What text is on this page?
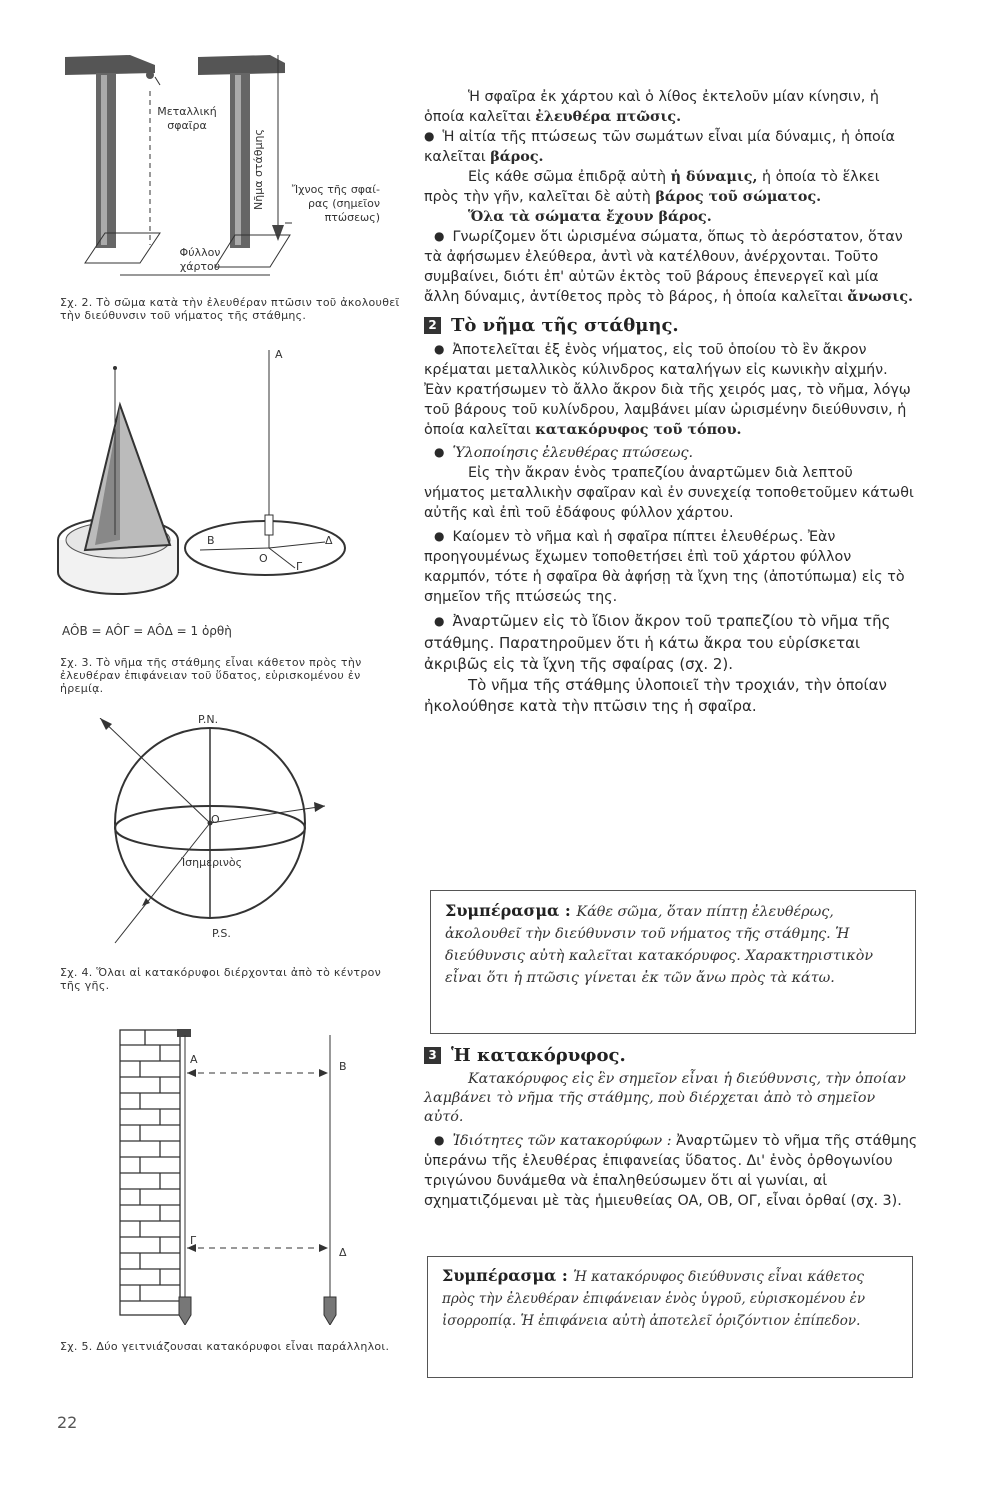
Μεταλλική σφαῖρα
Νῆμα στάθμης	Ἴχνος τῆς σφαί- ρας (σημεῖον πτώσεως)
Φύλλον χάρτου
Σχ. 2. Τὸ σῶμα κατὰ τὴν ἐλευθέραν πτῶσιν τοῦ ἀκολουθεῖ τὴν διεύθυνσιν τοῦ νήματος τῆς στάθμης.
A
B
O
Γ
Δ
AÔB = AÔΓ = AÔΔ = 1 ὀρθὴ
Σχ. 3. Τὸ νῆμα τῆς στάθμης εἶναι κάθετον πρὸς τὴν ἐλευθέραν ἐπιφάνειαν τοῦ ὕδατος, εὑρισκομένου ἐν ἠρεμίᾳ.
P.N.
O
Ἰσημερινὸς
P.S.
Σχ. 4. Ὅλαι αἱ κατακόρυφοι διέρχονται ἀπὸ τὸ κέντρον τῆς γῆς.
A
B
Γ
Δ
Σχ. 5. Δύο γειτνιάζουσαι κατακόρυφοι εἶναι παράλληλοι.
22

Ἡ σφαῖρα ἐκ χάρτου καὶ ὁ λίθος ἐκτελοῦν μίαν κίνησιν, ἡ ὁποία καλεῖται ἐλευθέρα πτῶσις.

● Ἡ αἰτία τῆς πτώσεως τῶν σωμάτων εἶναι μία δύναμις, ἡ ὁποία καλεῖται βάρος.

Εἰς κάθε σῶμα ἐπιδρᾷ αὐτὴ ἡ δύναμις, ἡ ὁποία τὸ ἕλκει πρὸς τὴν γῆν, καλεῖται δὲ αὐτὴ βάρος τοῦ σώματος.

Ὅλα τὰ σώματα ἔχουν βάρος.

● Γνωρίζομεν ὅτι ὡρισμένα σώματα, ὅπως τὸ ἀερόστατον, ὅταν τὰ ἀφήσωμεν ἐλεύθερα, ἀντὶ νὰ κατέλθουν, ἀνέρχονται. Τοῦτο συμβαίνει, διότι ἐπ' αὐτῶν ἐκτὸς τοῦ βάρους ἐπενεργεῖ καὶ μία ἄλλη δύναμις, ἀντίθετος πρὸς τὸ βάρος, ἡ ὁποία καλεῖται ἄνωσις.

2 Τὸ νῆμα τῆς στάθμης.

● Ἀποτελεῖται ἐξ ἑνὸς νήματος, εἰς τοῦ ὁποίου τὸ ἓν ἄκρον κρέμαται μεταλλικὸς κύλινδρος καταλήγων εἰς κωνικὴν αἰχμήν. Ἐὰν κρατήσωμεν τὸ ἄλλο ἄκρον διὰ τῆς χειρός μας, τὸ νῆμα, λόγῳ τοῦ βάρους τοῦ κυλίνδρου, λαμβάνει μίαν ὡρισμένην διεύθυνσιν, ἡ ὁποία καλεῖται κατακόρυφος τοῦ τόπου.

● Ὑλοποίησις ἐλευθέρας πτώσεως.

Εἰς τὴν ἄκραν ἑνὸς τραπεζίου ἀναρτῶμεν διὰ λεπτοῦ νήματος μεταλλικὴν σφαῖραν καὶ ἐν συνεχείᾳ τοποθετοῦμεν κάτωθι αὐτῆς καὶ ἐπὶ τοῦ ἐδάφους φύλλον χάρτου.

● Καίομεν τὸ νῆμα καὶ ἡ σφαῖρα πίπτει ἐλευθέρως. Ἐὰν προηγουμένως ἔχωμεν τοποθετήσει ἐπὶ τοῦ χάρτου φύλλον καρμπόν, τότε ἡ σφαῖρα θὰ ἀφήσῃ τὰ ἴχνη της (ἀποτύπωμα) εἰς τὸ σημεῖον τῆς πτώσεώς της.

● Ἀναρτῶμεν εἰς τὸ ἴδιον ἄκρον τοῦ τραπεζίου τὸ νῆμα τῆς στάθμης. Παρατηροῦμεν ὅτι ἡ κάτω ἄκρα του εὑρίσκεται ἀκριβῶς εἰς τὰ ἴχνη τῆς σφαίρας (σχ. 2).

Τὸ νῆμα τῆς στάθμης ὑλοποιεῖ τὴν τροχιάν, τὴν ὁποίαν ἠκολούθησε κατὰ τὴν πτῶσιν της ἡ σφαῖρα.

Συμπέρασμα : Κάθε σῶμα, ὅταν πίπτῃ ἐλευθέρως, ἀκολουθεῖ τὴν διεύθυνσιν τοῦ νήματος τῆς στάθμης. Ἡ διεύθυνσις αὐτὴ καλεῖται κατακόρυφος. Χαρακτηριστικὸν εἶναι ὅτι ἡ πτῶσις γίνεται ἐκ τῶν ἄνω πρὸς τὰ κάτω.
3 Ἡ κατακόρυφος.

Κατακόρυφος εἰς ἓν σημεῖον εἶναι ἡ διεύθυνσις, τὴν ὁποίαν λαμβάνει τὸ νῆμα τῆς στάθμης, ποὺ διέρχεται ἀπὸ τὸ σημεῖον αὐτό.

● Ἰδιότητες τῶν κατακορύφων : Ἀναρτῶμεν τὸ νῆμα τῆς στάθμης ὑπεράνω τῆς ἐλευθέρας ἐπιφανείας ὕδατος. Δι' ἑνὸς ὀρθογωνίου τριγώνου δυνάμεθα νὰ ἐπαληθεύσωμεν ὅτι αἱ γωνίαι, αἱ σχηματιζόμεναι μὲ τὰς ἡμιευθείας OA, OB, OΓ, εἶναι ὀρθαί (σχ. 3).

Συμπέρασμα : Ἡ κατακόρυφος διεύθυνσις εἶναι κάθετος πρὸς τὴν ἐλευθέραν ἐπιφάνειαν ἑνὸς ὑγροῦ, εὑρισκομένου ἐν ἰσορροπίᾳ. Ἡ ἐπιφάνεια αὐτὴ ἀποτελεῖ ὁριζόντιον ἐπίπεδον.
